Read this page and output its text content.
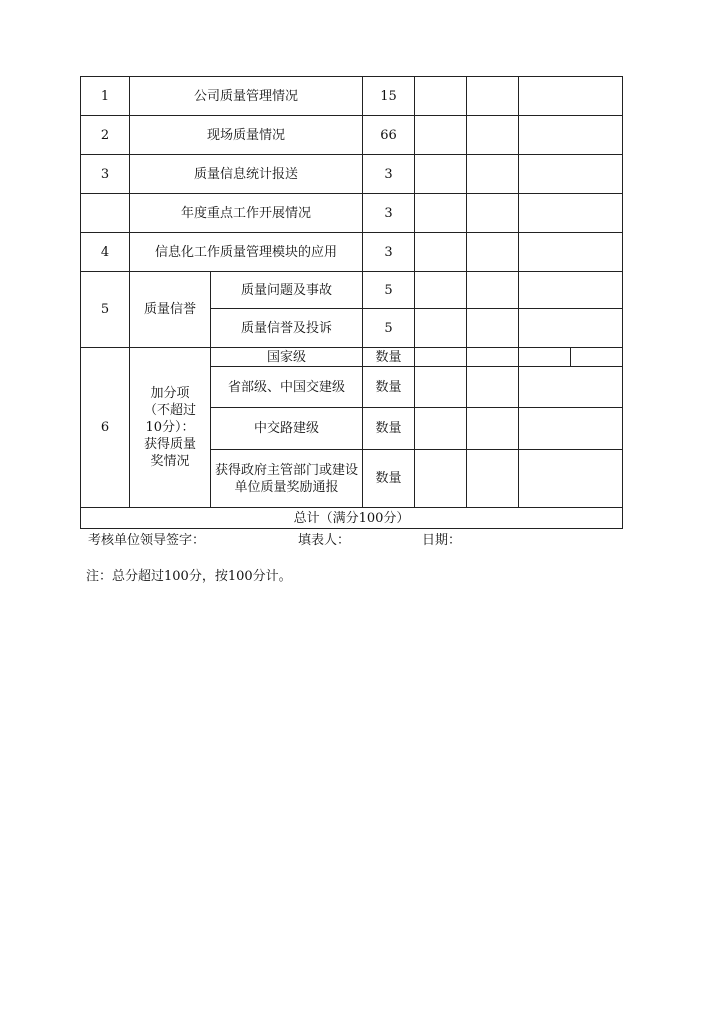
1	公司质量管理情况		15				
2	现场质量情况		66				
3	质量信息统计报送		3				
	年度重点工作开展情况		3				
4	信息化工作质量管理模块的应用		3				
5	质量信誉	质量问题及事故	5				
		质量信誉及投诉	5				
6	加分项（不超过10分）：获得质量奖情况	国家级	数量				
		省部级、中国交建级	数量				
		中交路建级	数量				
		获得政府主管部门或建设单位质量奖励通报	数量				
总计（满分100分）							
考核单位领导签字：	填表人：	日期：
注：总分超过100分，按100分计。
